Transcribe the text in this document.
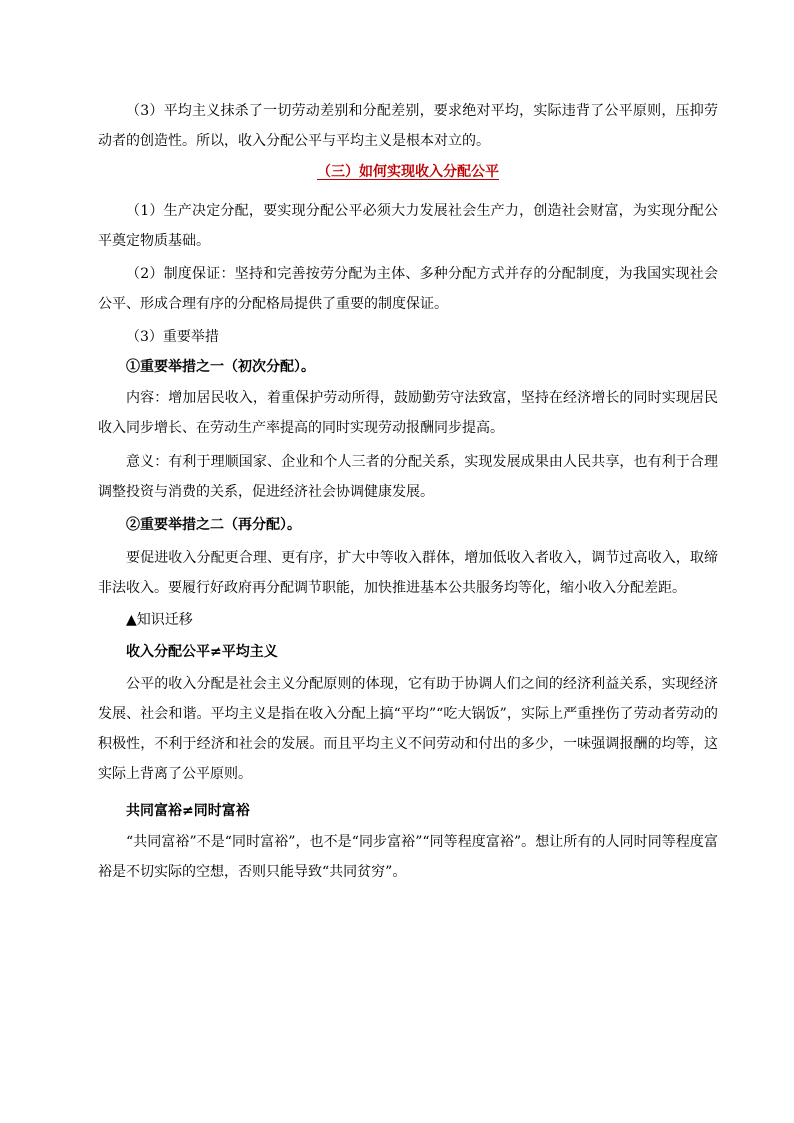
（3）平均主义抹杀了一切劳动差别和分配差别，要求绝对平均，实际违背了公平原则，压抑劳动者的创造性。所以，收入分配公平与平均主义是根本对立的。

（三）如何实现收入分配公平

（1）生产决定分配，要实现分配公平必须大力发展社会生产力，创造社会财富，为实现分配公平奠定物质基础。

（2）制度保证：坚持和完善按劳分配为主体、多种分配方式并存的分配制度，为我国实现社会公平、形成合理有序的分配格局提供了重要的制度保证。

（3）重要举措

①重要举措之一（初次分配）。

内容：增加居民收入，着重保护劳动所得，鼓励勤劳守法致富，坚持在经济增长的同时实现居民收入同步增长、在劳动生产率提高的同时实现劳动报酬同步提高。

意义：有利于理顺国家、企业和个人三者的分配关系，实现发展成果由人民共享，也有利于合理调整投资与消费的关系，促进经济社会协调健康发展。

②重要举措之二（再分配）。

要促进收入分配更合理、更有序，扩大中等收入群体，增加低收入者收入，调节过高收入，取缔非法收入。要履行好政府再分配调节职能，加快推进基本公共服务均等化，缩小收入分配差距。

▲知识迁移

收入分配公平≠平均主义

公平的收入分配是社会主义分配原则的体现，它有助于协调人们之间的经济利益关系，实现经济发展、社会和谐。平均主义是指在收入分配上搞“平均”“吃大锅饭”，实际上严重挫伤了劳动者劳动的积极性，不利于经济和社会的发展。而且平均主义不问劳动和付出的多少，一味强调报酬的均等，这实际上背离了公平原则。

共同富裕≠同时富裕

“共同富裕”不是“同时富裕”，也不是“同步富裕”“同等程度富裕”。想让所有的人同时同等程度富裕是不切实际的空想，否则只能导致“共同贫穷”。
